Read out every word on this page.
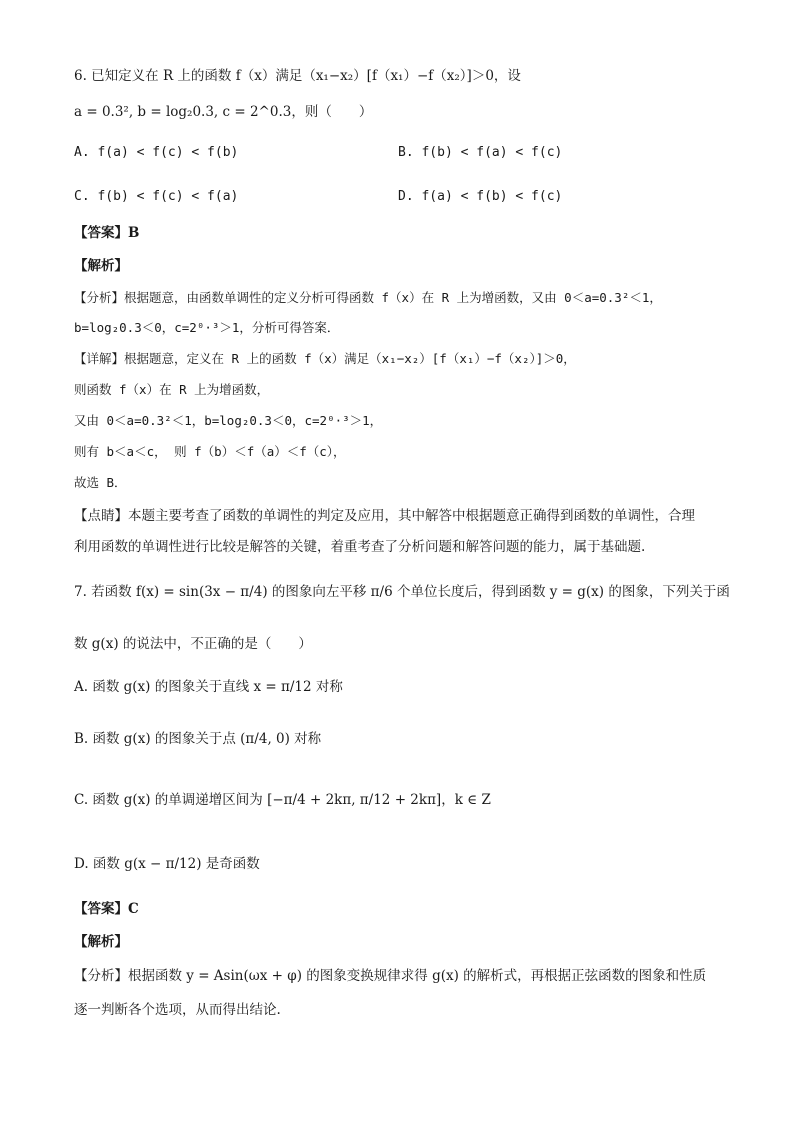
6. 已知定义在 R 上的函数 f（x）满足（x₁−x₂）[f（x₁）−f（x₂）]＞0，设
a = 0.3², b = log₂0.3, c = 2^0.3，则（　　）
A. f(a) < f(c) < f(b)	B. f(b) < f(a) < f(c)
C. f(b) < f(c) < f(a)	D. f(a) < f(b) < f(c)
【答案】B
【解析】
【分析】根据题意，由函数单调性的定义分析可得函数 f（x）在 R 上为增函数，又由 0＜a=0.3²＜1，
b=log₂0.3＜0，c=2⁰·³＞1，分析可得答案．
【详解】根据题意，定义在 R 上的函数 f（x）满足（x₁−x₂）[f（x₁）−f（x₂）]＞0，
则函数 f（x）在 R 上为增函数，
又由 0＜a=0.3²＜1，b=log₂0.3＜0，c=2⁰·³＞1，
则有 b＜a＜c， 则 f（b）＜f（a）＜f（c），
故选 B．
【点睛】本题主要考查了函数的单调性的判定及应用，其中解答中根据题意正确得到函数的单调性，合理
利用函数的单调性进行比较是解答的关键，着重考查了分析问题和解答问题的能力，属于基础题.
7. 若函数 f(x) = sin(3x − π/4) 的图象向左平移 π/6 个单位长度后，得到函数 y = g(x) 的图象，下列关于函
数 g(x) 的说法中，不正确的是（　　）
A. 函数 g(x) 的图象关于直线 x = π/12 对称
B. 函数 g(x) 的图象关于点 (π/4, 0) 对称
C. 函数 g(x) 的单调递增区间为 [−π/4 + 2kπ, π/12 + 2kπ]，k ∈ Z
D. 函数 g(x − π/12) 是奇函数
【答案】C
【解析】
【分析】根据函数 y = Asin(ωx + φ) 的图象变换规律求得 g(x) 的解析式，再根据正弦函数的图象和性质
逐一判断各个选项，从而得出结论.
